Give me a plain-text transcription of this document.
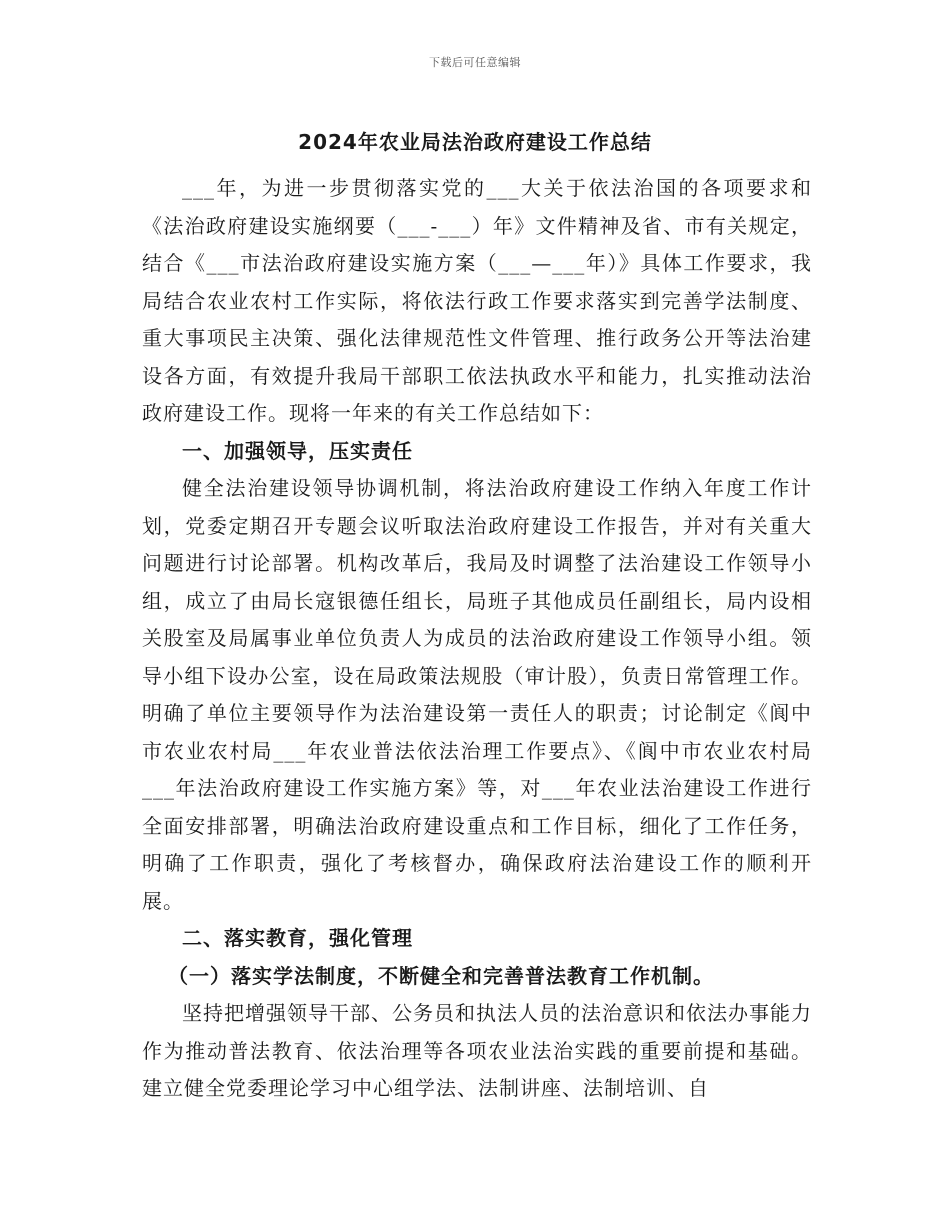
下载后可任意编辑
2024年农业局法治政府建设工作总结

___年，为进一步贯彻落实党的___大关于依法治国的各项要求和《法治政府建设实施纲要（___-___）年》文件精神及省、市有关规定，结合《___市法治政府建设实施方案（___—___年）》具体工作要求，我局结合农业农村工作实际，将依法行政工作要求落实到完善学法制度、重大事项民主决策、强化法律规范性文件管理、推行政务公开等法治建设各方面，有效提升我局干部职工依法执政水平和能力，扎实推动法治政府建设工作。现将一年来的有关工作总结如下：

一、加强领导，压实责任

健全法治建设领导协调机制，将法治政府建设工作纳入年度工作计划，党委定期召开专题会议听取法治政府建设工作报告，并对有关重大问题进行讨论部署。机构改革后，我局及时调整了法治建设工作领导小组，成立了由局长寇银德任组长，局班子其他成员任副组长，局内设相关股室及局属事业单位负责人为成员的法治政府建设工作领导小组。领导小组下设办公室，设在局政策法规股（审计股），负责日常管理工作。明确了单位主要领导作为法治建设第一责任人的职责；讨论制定《阆中市农业农村局___年农业普法依法治理工作要点》、《阆中市农业农村局___年法治政府建设工作实施方案》等，对___年农业法治建设工作进行全面安排部署，明确法治政府建设重点和工作目标，细化了工作任务，明确了工作职责，强化了考核督办，确保政府法治建设工作的顺利开展。

二、落实教育，强化管理

（一）落实学法制度，不断健全和完善普法教育工作机制。

坚持把增强领导干部、公务员和执法人员的法治意识和依法办事能力作为推动普法教育、依法治理等各项农业法治实践的重要前提和基础。建立健全党委理论学习中心组学法、法制讲座、法制培训、自
